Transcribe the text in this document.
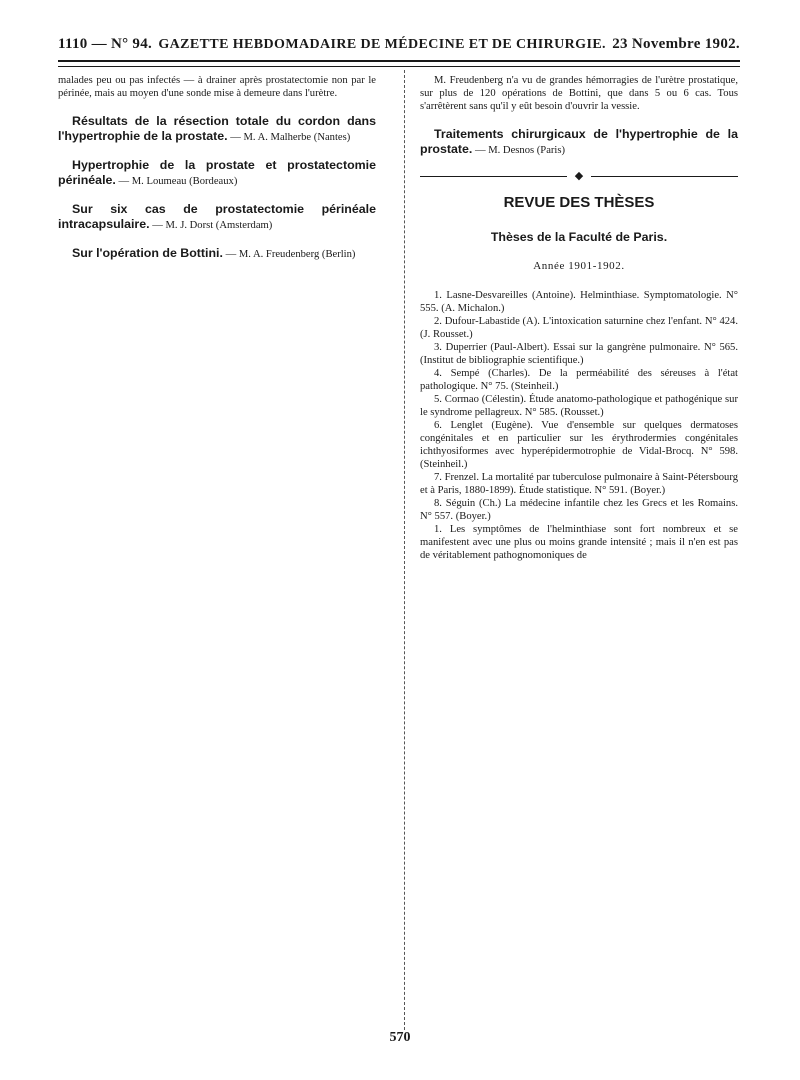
1110 — N° 94. GAZETTE HEBDOMADAIRE DE MÉDECINE ET DE CHIRURGIE. 23 Novembre 1902.

malades peu ou pas infectés — à drainer après prostatectomie non par le périnée, mais au moyen d'une sonde mise à demeure dans l'urètre.

Résultats de la résection totale du cordon dans l'hypertrophie de la prostate. — M. A. Malherbe (Nantes)

Hypertrophie de la prostate et prostatectomie périnéale. — M. Loumeau (Bordeaux)

Sur six cas de prostatectomie périnéale intracapsulaire. — M. J. Dorst (Amsterdam)

Sur l'opération de Bottini. — M. A. Freudenberg (Berlin)

M. Freudenberg n'a vu de grandes hémorragies de l'urètre prostatique, sur plus de 120 opérations de Bottini, que dans 5 ou 6 cas. Tous s'arrêtèrent sans qu'il y eût besoin d'ouvrir la vessie.

Traitements chirurgicaux de l'hypertrophie de la prostate. — M. Desnos (Paris)

◆
REVUE DES THÈSES
Thèses de la Faculté de Paris.
Année 1901-1902.

1. Lasne-Desvareilles (Antoine). Helminthiase. Symptomatologie. N° 555. (A. Michalon.)

2. Dufour-Labastide (A). L'intoxication saturnine chez l'enfant. N° 424. (J. Rousset.)

3. Duperrier (Paul-Albert). Essai sur la gangrène pulmonaire. N° 565. (Institut de bibliographie scientifique.)

4. Sempé (Charles). De la perméabilité des séreuses à l'état pathologique. N° 75. (Steinheil.)

5. Cormao (Célestin). Étude anatomo-pathologique et pathogénique sur le syndrome pellagreux. N° 585. (Rousset.)

6. Lenglet (Eugène). Vue d'ensemble sur quelques dermatoses congénitales et en particulier sur les érythrodermies congénitales ichthyosiformes avec hyperépidermotrophie de Vidal-Brocq. N° 598. (Steinheil.)

7. Frenzel. La mortalité par tuberculose pulmonaire à Saint-Pétersbourg et à Paris, 1880-1899). Étude statistique. N° 591. (Boyer.)

8. Séguin (Ch.) La médecine infantile chez les Grecs et les Romains. N° 557. (Boyer.)

1. Les symptômes de l'helminthiase sont fort nombreux et se manifestent avec une plus ou moins grande intensité ; mais il n'en est pas de véritablement pathognomoniques de

570
